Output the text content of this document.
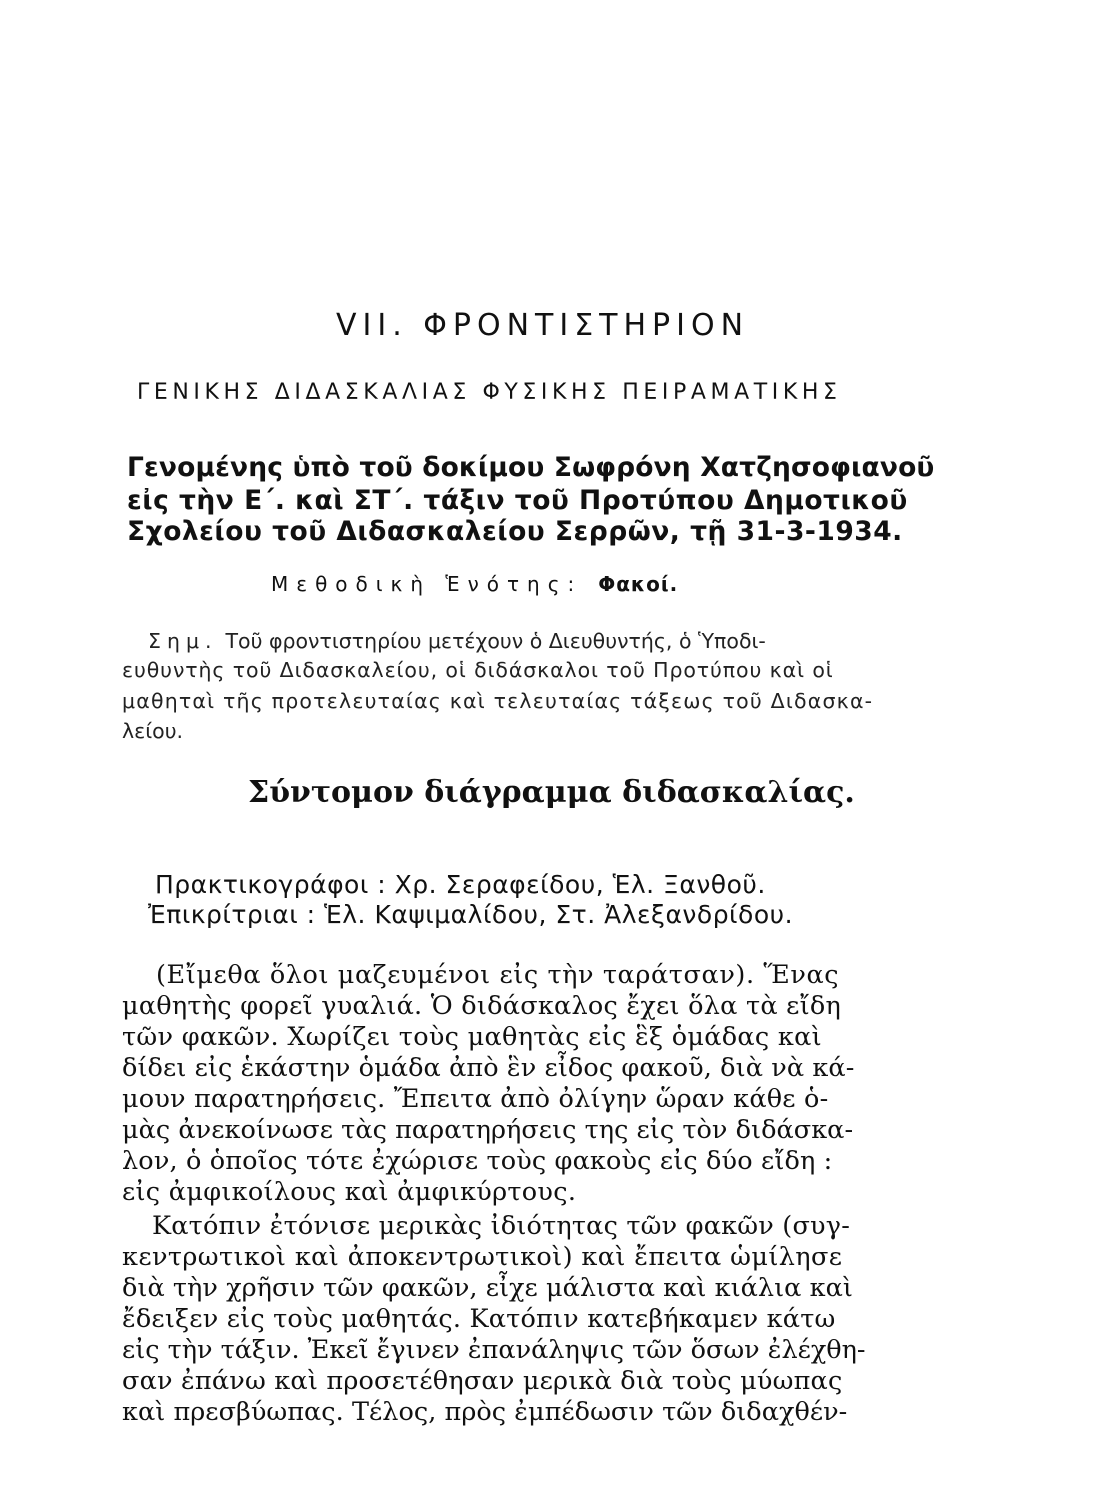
VII. ΦΡΟΝΤΙΣΤΗΡΙΟΝ
ΓΕΝΙΚΗΣ ΔΙΔΑΣΚΑΛΙΑΣ ΦΥΣΙΚΗΣ ΠΕΙΡΑΜΑΤΙΚΗΣ
Γενομένης ὑπὸ τοῦ δοκίμου Σωφρόνη Χατζησοφιανοῦ
εἰς τὴν Ε΄. καὶ ΣΤ΄. τάξιν τοῦ Προτύπου Δημοτικοῦ
Σχολείου τοῦ Διδασκαλείου Σερρῶν, τῇ 31-3-1934.
Μεθοδικὴ Ἑνότης: Φακοί.
Σημ. Τοῦ φροντιστηρίου μετέχουν ὁ Διευθυντής, ὁ Ὑποδι-
ευθυντὴς τοῦ Διδασκαλείου, οἱ διδάσκαλοι τοῦ Προτύπου καὶ οἱ
μαθηταὶ τῆς προτελευταίας καὶ τελευταίας τάξεως τοῦ Διδασκα-
λείου.
Σύντομον διάγραμμα διδασκαλίας.
Πρακτικογράφοι : Χρ. Σεραφείδου, Ἑλ. Ξανθοῦ.
Ἐπικρίτριαι : Ἑλ. Καψιμαλίδου, Στ. Ἀλεξανδρίδου.
(Εἴμεθα ὅλοι μαζευμένοι εἰς τὴν ταράτσαν). Ἕνας
μαθητὴς φορεῖ γυαλιά. Ὁ διδάσκαλος ἔχει ὅλα τὰ εἴδη
τῶν φακῶν. Χωρίζει τοὺς μαθητὰς εἰς ἓξ ὁμάδας καὶ
δίδει εἰς ἑκάστην ὁμάδα ἀπὸ ἓν εἶδος φακοῦ, διὰ νὰ κά-
μουν παρατηρήσεις. Ἔπειτα ἀπὸ ὀλίγην ὥραν κάθε ὁ-
μὰς ἀνεκοίνωσε τὰς παρατηρήσεις της εἰς τὸν διδάσκα-
λον, ὁ ὁποῖος τότε ἐχώρισε τοὺς φακοὺς εἰς δύο εἴδη :
εἰς ἀμφικοίλους καὶ ἀμφικύρτους.
Κατόπιν ἐτόνισε μερικὰς ἰδιότητας τῶν φακῶν (συγ-
κεντρωτικοὶ καὶ ἀποκεντρωτικοὶ) καὶ ἔπειτα ὡμίλησε
διὰ τὴν χρῆσιν τῶν φακῶν, εἶχε μάλιστα καὶ κιάλια καὶ
ἔδειξεν εἰς τοὺς μαθητάς. Κατόπιν κατεβήκαμεν κάτω
εἰς τὴν τάξιν. Ἐκεῖ ἔγινεν ἐπανάληψις τῶν ὅσων ἐλέχθη-
σαν ἐπάνω καὶ προσετέθησαν μερικὰ διὰ τοὺς μύωπας
καὶ πρεσβύωπας. Τέλος, πρὸς ἐμπέδωσιν τῶν διδαχθέν-
